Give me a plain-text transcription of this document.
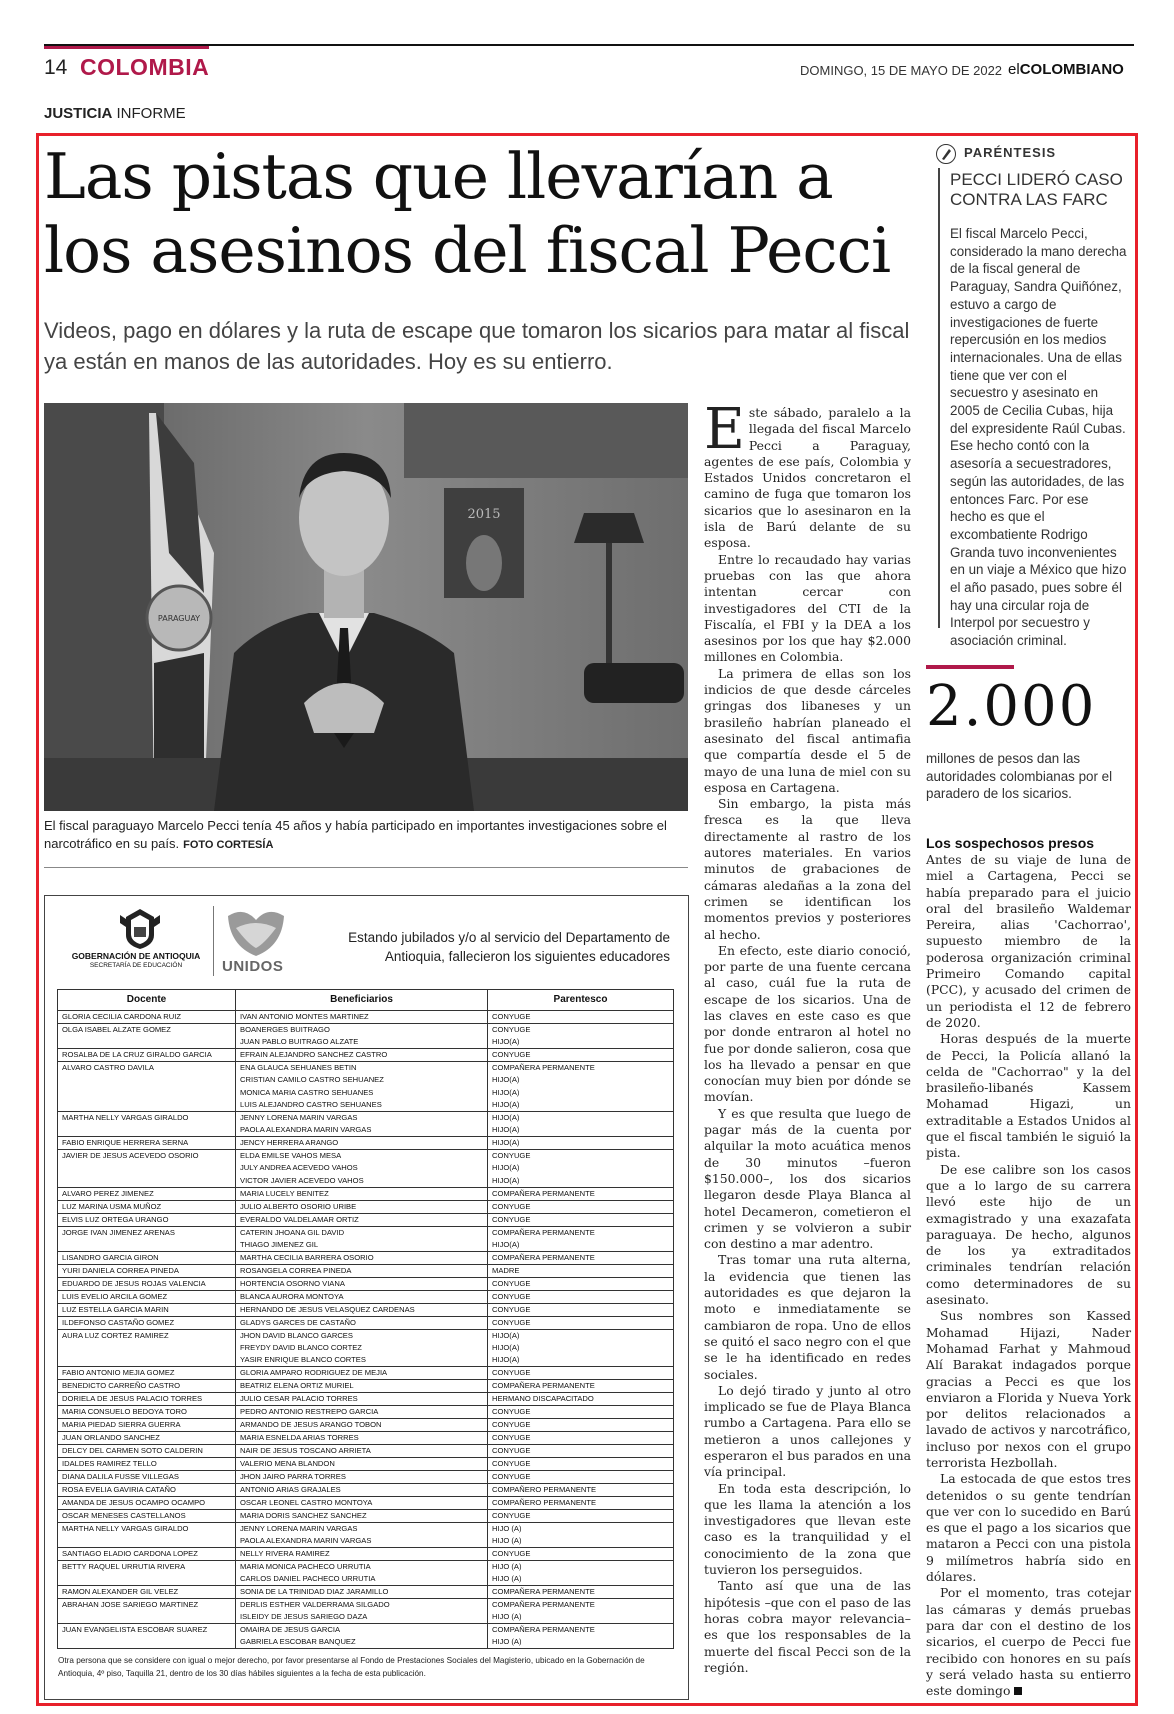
14 COLOMBIA	DOMINGO, 15 DE MAYO DE 2022 elCOLOMBIANO
JUSTICIA INFORME
Las pistas que llevarían a los asesinos del fiscal Pecci
Videos, pago en dólares y la ruta de escape que tomaron los sicarios para matar al fiscal ya están en manos de las autoridades. Hoy es su entierro.
PARAGUAY
2015
El fiscal paraguayo Marcelo Pecci tenía 45 años y había participado en importantes investigaciones sobre el narcotráfico en su país. FOTO CORTESÍA

Este sábado, paralelo a la llegada del fiscal Marcelo Pecci a Paraguay, agentes de ese país, Colombia y Estados Unidos concretaron el camino de fuga que tomaron los sicarios que lo asesinaron en la isla de Barú delante de su esposa.

Entre lo recaudado hay varias pruebas con las que ahora intentan cercar con investigadores del CTI de la Fiscalía, el FBI y la DEA a los asesinos por los que hay $2.000 millones en Colombia.

La primera de ellas son los indicios de que desde cárceles gringas dos libaneses y un brasileño habrían planeado el asesinato del fiscal antimafia que compartía desde el 5 de mayo de una luna de miel con su esposa en Cartagena.

Sin embargo, la pista más fresca es la que lleva directamente al rastro de los autores materiales. En varios minutos de grabaciones de cámaras aledañas a la zona del crimen se identifican los momentos previos y posteriores al hecho.

En efecto, este diario conoció, por parte de una fuente cercana al caso, cuál fue la ruta de escape de los sicarios. Una de las claves en este caso es que por donde entraron al hotel no fue por donde salieron, cosa que los ha llevado a pensar en que conocían muy bien por dónde se movían.

Y es que resulta que luego de pagar más de la cuenta por alquilar la moto acuática menos de 30 minutos –fueron $150.000–, los dos sicarios llegaron desde Playa Blanca al hotel Decameron, cometieron el crimen y se volvieron a subir con destino a mar adentro.

Tras tomar una ruta alterna, la evidencia que tienen las autoridades es que dejaron la moto e inmediatamente se cambiaron de ropa. Uno de ellos se quitó el saco negro con el que se le ha identificado en redes sociales.

Lo dejó tirado y junto al otro implicado se fue de Playa Blanca rumbo a Cartagena. Para ello se metieron a unos callejones y esperaron el bus parados en una vía principal.

En toda esta descripción, lo que les llama la atención a los investigadores que llevan este caso es la tranquilidad y el conocimiento de la zona que tuvieron los perseguidos.

Tanto así que una de las hipótesis –que con el paso de las horas cobra mayor relevancia– es que los responsables de la muerte del fiscal Pecci son de la región.

PARÉNTESIS
PECCI LIDERÓ CASO CONTRA LAS FARC
El fiscal Marcelo Pecci, considerado la mano derecha de la fiscal general de Paraguay, Sandra Quiñónez, estuvo a cargo de investigaciones de fuerte repercusión en los medios internacionales. Una de ellas tiene que ver con el secuestro y asesinato en 2005 de Cecilia Cubas, hija del expresidente Raúl Cubas. Ese hecho contó con la asesoría a secuestradores, según las autoridades, de las entonces Farc. Por ese hecho es que el excombatiente Rodrigo Granda tuvo inconvenientes en un viaje a México que hizo el año pasado, pues sobre él hay una circular roja de Interpol por secuestro y asociación criminal.
2.000
millones de pesos dan las autoridades colombianas por el paradero de los sicarios.
Los sospechosos presos

Antes de su viaje de luna de miel a Cartagena, Pecci se había preparado para el juicio oral del brasileño Waldemar Pereira, alias 'Cachorrao', supuesto miembro de la poderosa organización criminal Primeiro Comando capital (PCC), y acusado del crimen de un periodista el 12 de febrero de 2020.

Horas después de la muerte de Pecci, la Policía allanó la celda de "Cachorrao" y la del brasileño-libanés Kassem Mohamad Higazi, un extraditable a Estados Unidos al que el fiscal también le siguió la pista.

De ese calibre son los casos que a lo largo de su carrera llevó este hijo de un exmagistrado y una exazafata paraguaya. De hecho, algunos de los ya extraditados criminales tendrían relación como determinadores de su asesinato.

Sus nombres son Kassed Mohamad Hijazi, Nader Mohamad Farhat y Mahmoud Alí Barakat indagados porque gracias a Pecci es que los enviaron a Florida y Nueva York por delitos relacionados a lavado de activos y narcotráfico, incluso por nexos con el grupo terrorista Hezbollah.

La estocada de que estos tres detenidos o su gente tendrían que ver con lo sucedido en Barú es que el pago a los sicarios que mataron a Pecci con una pistola 9 milímetros habría sido en dólares.

Por el momento, tras cotejar las cámaras y demás pruebas para dar con el destino de los sicarios, el cuerpo de Pecci fue recibido con honores en su país y será velado hasta su entierro este domingo

GOBERNACIÓN DE ANTIOQUIA
SECRETARÍA DE EDUCACIÓN	UNIDOS
Estando jubilados y/o al servicio del Departamento de Antioquia, fallecieron los siguientes educadores
Docente	Beneficiarios	Parentesco
GLORIA CECILIA CARDONA RUIZ	IVAN ANTONIO MONTES MARTINEZ	CONYUGE
OLGA ISABEL ALZATE GOMEZ	BOANERGES BUITRAGO	CONYUGE
	JUAN PABLO BUITRAGO ALZATE	HIJO(A)
ROSALBA DE LA CRUZ GIRALDO GARCIA	EFRAIN ALEJANDRO SANCHEZ CASTRO	CONYUGE
ALVARO CASTRO DAVILA	ENA GLAUCA SEHUANES BETIN	COMPAÑERA PERMANENTE
	CRISTIAN CAMILO CASTRO SEHUANEZ	HIJO(A)
	MONICA MARIA CASTRO SEHUANES	HIJO(A)
	LUIS ALEJANDRO CASTRO SEHUANES	HIJO(A)
MARTHA NELLY VARGAS GIRALDO	JENNY LORENA MARIN VARGAS	HIJO(A)
	PAOLA ALEXANDRA MARIN VARGAS	HIJO(A)
FABIO ENRIQUE HERRERA SERNA	JENCY HERRERA ARANGO	HIJO(A)
JAVIER DE JESUS ACEVEDO OSORIO	ELDA EMILSE VAHOS MESA	CONYUGE
	JULY ANDREA ACEVEDO VAHOS	HIJO(A)
	VICTOR JAVIER ACEVEDO VAHOS	HIJO(A)
ALVARO PEREZ JIMENEZ	MARIA LUCELY BENITEZ	COMPAÑERA PERMANENTE
LUZ MARINA USMA MUÑOZ	JULIO ALBERTO OSORIO URIBE	CONYUGE
ELVIS LUZ ORTEGA URANGO	EVERALDO VALDELAMAR ORTIZ	CONYUGE
JORGE IVAN JIMENEZ ARENAS	CATERIN JHOANA GIL DAVID	COMPAÑERA PERMANENTE
	THIAGO JIMENEZ GIL	HIJO(A)
LISANDRO GARCIA GIRON	MARTHA CECILIA BARRERA OSORIO	COMPAÑERA PERMANENTE
YURI DANIELA CORREA PINEDA	ROSANGELA CORREA PINEDA	MADRE
EDUARDO DE JESUS ROJAS VALENCIA	HORTENCIA OSORNO VIANA	CONYUGE
LUIS EVELIO ARCILA GOMEZ	BLANCA AURORA MONTOYA	CONYUGE
LUZ ESTELLA GARCIA MARIN	HERNANDO DE JESUS VELASQUEZ CARDENAS	CONYUGE
ILDEFONSO CASTAÑO GOMEZ	GLADYS GARCES DE CASTAÑO	CONYUGE
AURA LUZ CORTEZ RAMIREZ	JHON DAVID BLANCO GARCES	HIJO(A)
	FREYDY DAVID BLANCO CORTEZ	HIJO(A)
	YASIR ENRIQUE BLANCO CORTES	HIJO(A)
FABIO ANTONIO MEJIA GOMEZ	GLORIA AMPARO RODRIGUEZ DE MEJIA	CONYUGE
BENEDICTO CARREÑO CASTRO	BEATRIZ ELENA ORTIZ MURIEL	COMPAÑERA PERMANENTE
DORIELA DE JESUS PALACIO TORRES	JULIO CESAR PALACIO TORRES	HERMANO DISCAPACITADO
MARIA CONSUELO BEDOYA TORO	PEDRO ANTONIO RESTREPO GARCIA	CONYUGE
MARIA PIEDAD SIERRA GUERRA	ARMANDO DE JESUS ARANGO TOBON	CONYUGE
JUAN ORLANDO SANCHEZ	MARIA ESNELDA ARIAS TORRES	CONYUGE
DELCY DEL CARMEN SOTO CALDERIN	NAIR DE JESUS TOSCANO ARRIETA	CONYUGE
IDALDES RAMIREZ TELLO	VALERIO MENA BLANDON	CONYUGE
DIANA DALILA FUSSE VILLEGAS	JHON JAIRO PARRA TORRES	CONYUGE
ROSA EVELIA GAVIRIA CATAÑO	ANTONIO ARIAS GRAJALES	COMPAÑERO PERMANENTE
AMANDA DE JESUS OCAMPO OCAMPO	OSCAR LEONEL CASTRO MONTOYA	COMPAÑERO PERMANENTE
OSCAR MENESES CASTELLANOS	MARIA DORIS SANCHEZ SANCHEZ	CONYUGE
MARTHA NELLY VARGAS GIRALDO	JENNY LORENA MARIN VARGAS	HIJO (A)
	PAOLA ALEXANDRA MARIN VARGAS	HIJO (A)
SANTIAGO ELADIO CARDONA LOPEZ	NELLY RIVERA RAMIREZ	CONYUGE
BETTY RAQUEL URRUTIA RIVERA	MARIA MONICA PACHECO URRUTIA	HIJO (A)
	CARLOS DANIEL PACHECO URRUTIA	HIJO (A)
RAMON ALEXANDER GIL VELEZ	SONIA DE LA TRINIDAD DIAZ JARAMILLO	COMPAÑERA PERMANENTE
ABRAHAN JOSE SARIEGO MARTINEZ	DERLIS ESTHER VALDERRAMA SILGADO	COMPAÑERA PERMANENTE
	ISLEIDY DE JESUS SARIEGO DAZA	HIJO (A)
JUAN EVANGELISTA ESCOBAR SUAREZ	OMAIRA DE JESUS GARCIA	COMPAÑERA PERMANENTE
	GABRIELA ESCOBAR BANQUEZ	HIJO (A)
Otra persona que se considere con igual o mejor derecho, por favor presentarse al Fondo de Prestaciones Sociales del Magisterio, ubicado en la Gobernación de Antioquia, 4º piso, Taquilla 21, dentro de los 30 días hábiles siguientes a la fecha de esta publicación.
